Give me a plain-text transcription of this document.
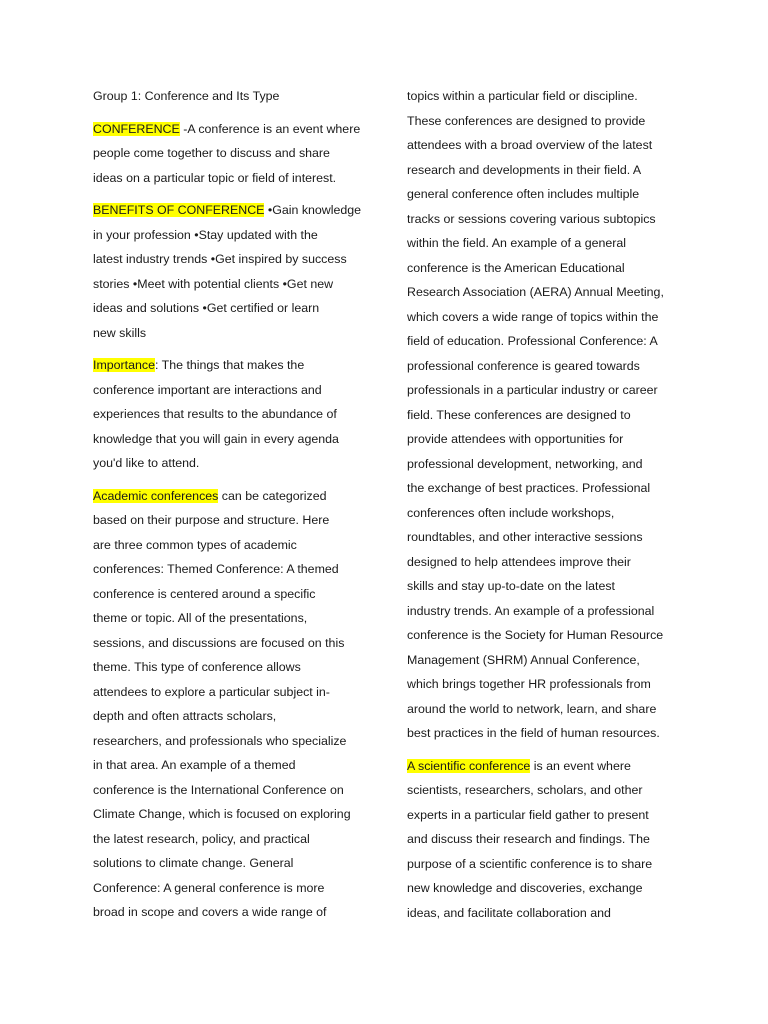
Group 1: Conference and Its Type
CONFERENCE -A conference is an event where
people come together to discuss and share
ideas on a particular topic or field of interest.
BENEFITS OF CONFERENCE •Gain knowledge
in your profession •Stay updated with the
latest industry trends •Get inspired by success
stories •Meet with potential clients •Get new
ideas and solutions •Get certified or learn
new skills
Importance: The things that makes the
conference important are interactions and
experiences that results to the abundance of
knowledge that you will gain in every agenda
you'd like to attend.
Academic conferences can be categorized
based on their purpose and structure. Here
are three common types of academic
conferences: Themed Conference: A themed
conference is centered around a specific
theme or topic. All of the presentations,
sessions, and discussions are focused on this
theme. This type of conference allows
attendees to explore a particular subject in-
depth and often attracts scholars,
researchers, and professionals who specialize
in that area. An example of a themed
conference is the International Conference on
Climate Change, which is focused on exploring
the latest research, policy, and practical
solutions to climate change. General
Conference: A general conference is more
broad in scope and covers a wide range of
topics within a particular field or discipline.
These conferences are designed to provide
attendees with a broad overview of the latest
research and developments in their field. A
general conference often includes multiple
tracks or sessions covering various subtopics
within the field. An example of a general
conference is the American Educational
Research Association (AERA) Annual Meeting,
which covers a wide range of topics within the
field of education. Professional Conference: A
professional conference is geared towards
professionals in a particular industry or career
field. These conferences are designed to
provide attendees with opportunities for
professional development, networking, and
the exchange of best practices. Professional
conferences often include workshops,
roundtables, and other interactive sessions
designed to help attendees improve their
skills and stay up-to-date on the latest
industry trends. An example of a professional
conference is the Society for Human Resource
Management (SHRM) Annual Conference,
which brings together HR professionals from
around the world to network, learn, and share
best practices in the field of human resources.
A scientific conference is an event where
scientists, researchers, scholars, and other
experts in a particular field gather to present
and discuss their research and findings. The
purpose of a scientific conference is to share
new knowledge and discoveries, exchange
ideas, and facilitate collaboration and
